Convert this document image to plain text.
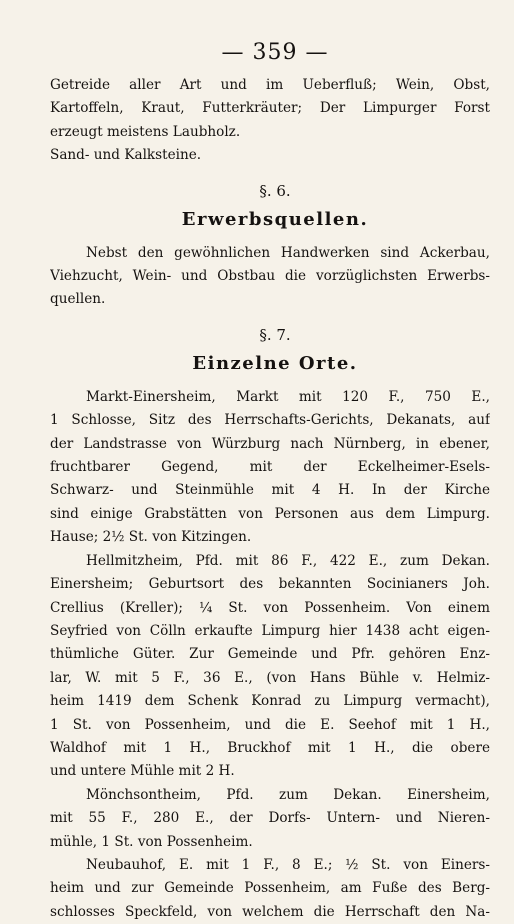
— 359 —
Getreide aller Art und im Ueberfluß; Wein, Obst,
Kartoffeln, Kraut, Futterkräuter; Der Limpurger Forst
erzeugt meistens Laubholz.
Sand- und Kalksteine.
§. 6.
Erwerbsquellen.
Nebst den gewöhnlichen Handwerken sind Ackerbau,
Viehzucht, Wein- und Obstbau die vorzüglichsten Erwerbs-
quellen.
§. 7.
Einzelne Orte.
Markt-Einersheim, Markt mit 120 F., 750 E.,
1 Schlosse, Sitz des Herrschafts-Gerichts, Dekanats, auf
der Landstrasse von Würzburg nach Nürnberg, in ebener,
fruchtbarer Gegend, mit der Eckelheimer-Esels-
Schwarz- und Steinmühle mit 4 H. In der Kirche
sind einige Grabstätten von Personen aus dem Limpurg.
Hause; 2½ St. von Kitzingen.
Hellmitzheim, Pfd. mit 86 F., 422 E., zum Dekan.
Einersheim; Geburtsort des bekannten Socinianers Joh.
Crellius (Kreller); ¼ St. von Possenheim. Von einem
Seyfried von Cölln erkaufte Limpurg hier 1438 acht eigen-
thümliche Güter. Zur Gemeinde und Pfr. gehören Enz-
lar, W. mit 5 F., 36 E., (von Hans Bühle v. Helmiz-
heim 1419 dem Schenk Konrad zu Limpurg vermacht),
1 St. von Possenheim, und die E. Seehof mit 1 H.,
Waldhof mit 1 H., Bruckhof mit 1 H., die obere
und untere Mühle mit 2 H.
Mönchsontheim, Pfd. zum Dekan. Einersheim,
mit 55 F., 280 E., der Dorfs- Untern- und Nieren-
mühle, 1 St. von Possenheim.
Neubauhof, E. mit 1 F., 8 E.; ½ St. von Einers-
heim und zur Gemeinde Possenheim, am Fuße des Berg-
schlosses Speckfeld, von welchem die Herrschaft den Na-
